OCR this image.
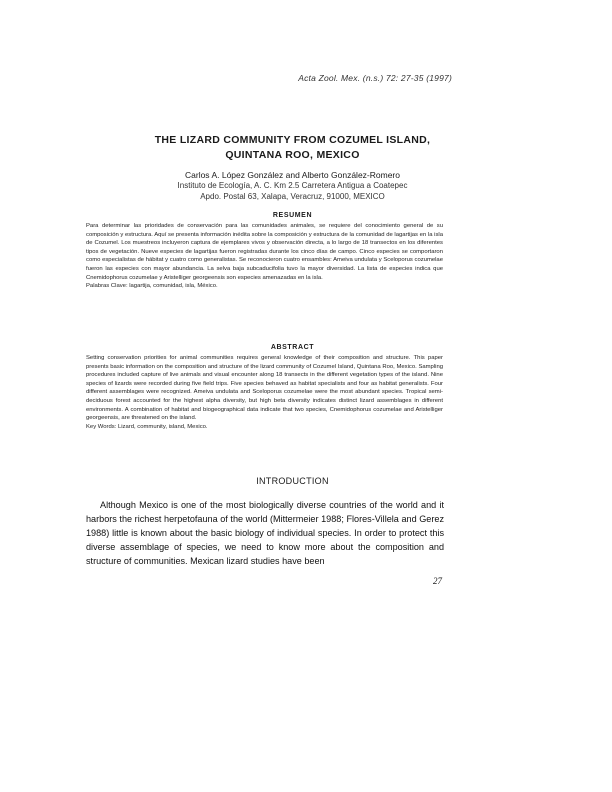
Acta Zool. Mex. (n.s.) 72: 27-35 (1997)
THE LIZARD COMMUNITY FROM COZUMEL ISLAND,
QUINTANA ROO, MEXICO
Carlos A. López González and Alberto González-Romero
Instituto de Ecología, A. C. Km 2.5 Carretera Antigua a Coatepec
Apdo. Postal 63, Xalapa, Veracruz, 91000, MEXICO
RESUMEN
Para determinar las prioridades de conservación para las comunidades animales, se requiere del conocimiento general de su composición y estructura. Aquí se presenta información inédita sobre la composición y estructura de la comunidad de lagartijas en la isla de Cozumel. Los muestreos incluyeron captura de ejemplares vivos y observación directa, a lo largo de 18 transectos en los diferentes tipos de vegetación. Nueve especies de lagartijas fueron registradas durante los cinco días de campo. Cinco especies se comportaron como especialistas de hábitat y cuatro como generalistas. Se reconocieron cuatro ensambles: Ameiva undulata y Sceloporus cozumelae fueron las especies con mayor abundancia. La selva baja subcaducifolia tuvo la mayor diversidad. La lista de especies indica que Cnemidophorus cozumelae y Aristelliger georgeensis son especies amenazadas en la isla.
Palabras Clave: lagartija, comunidad, isla, México.
ABSTRACT
Setting conservation priorities for animal communities requires general knowledge of their composition and structure. This paper presents basic information on the composition and structure of the lizard community of Cozumel Island, Quintana Roo, Mexico. Sampling procedures included capture of live animals and visual encounter along 18 transects in the different vegetation types of the island. Nine species of lizards were recorded during five field trips. Five species behaved as habitat specialists and four as habitat generalists. Four different assemblages were recognized. Ameiva undulata and Sceloporus cozumelae were the most abundant species. Tropical semi-deciduous forest accounted for the highest alpha diversity, but high beta diversity indicates distinct lizard assemblages in different environments. A combination of habitat and biogeographical data indicate that two species, Cnemidophorus cozumelae and Aristelliger georgeensis, are threatened on the island.
Key Words: Lizard, community, island, Mexico.
INTRODUCTION
Although Mexico is one of the most biologically diverse countries of the world and it harbors the richest herpetofauna of the world (Mittermeier 1988; Flores-Villela and Gerez 1988) little is known about the basic biology of individual species. In order to protect this diverse assemblage of species, we need to know more about the composition and structure of communities. Mexican lizard studies have been
27
